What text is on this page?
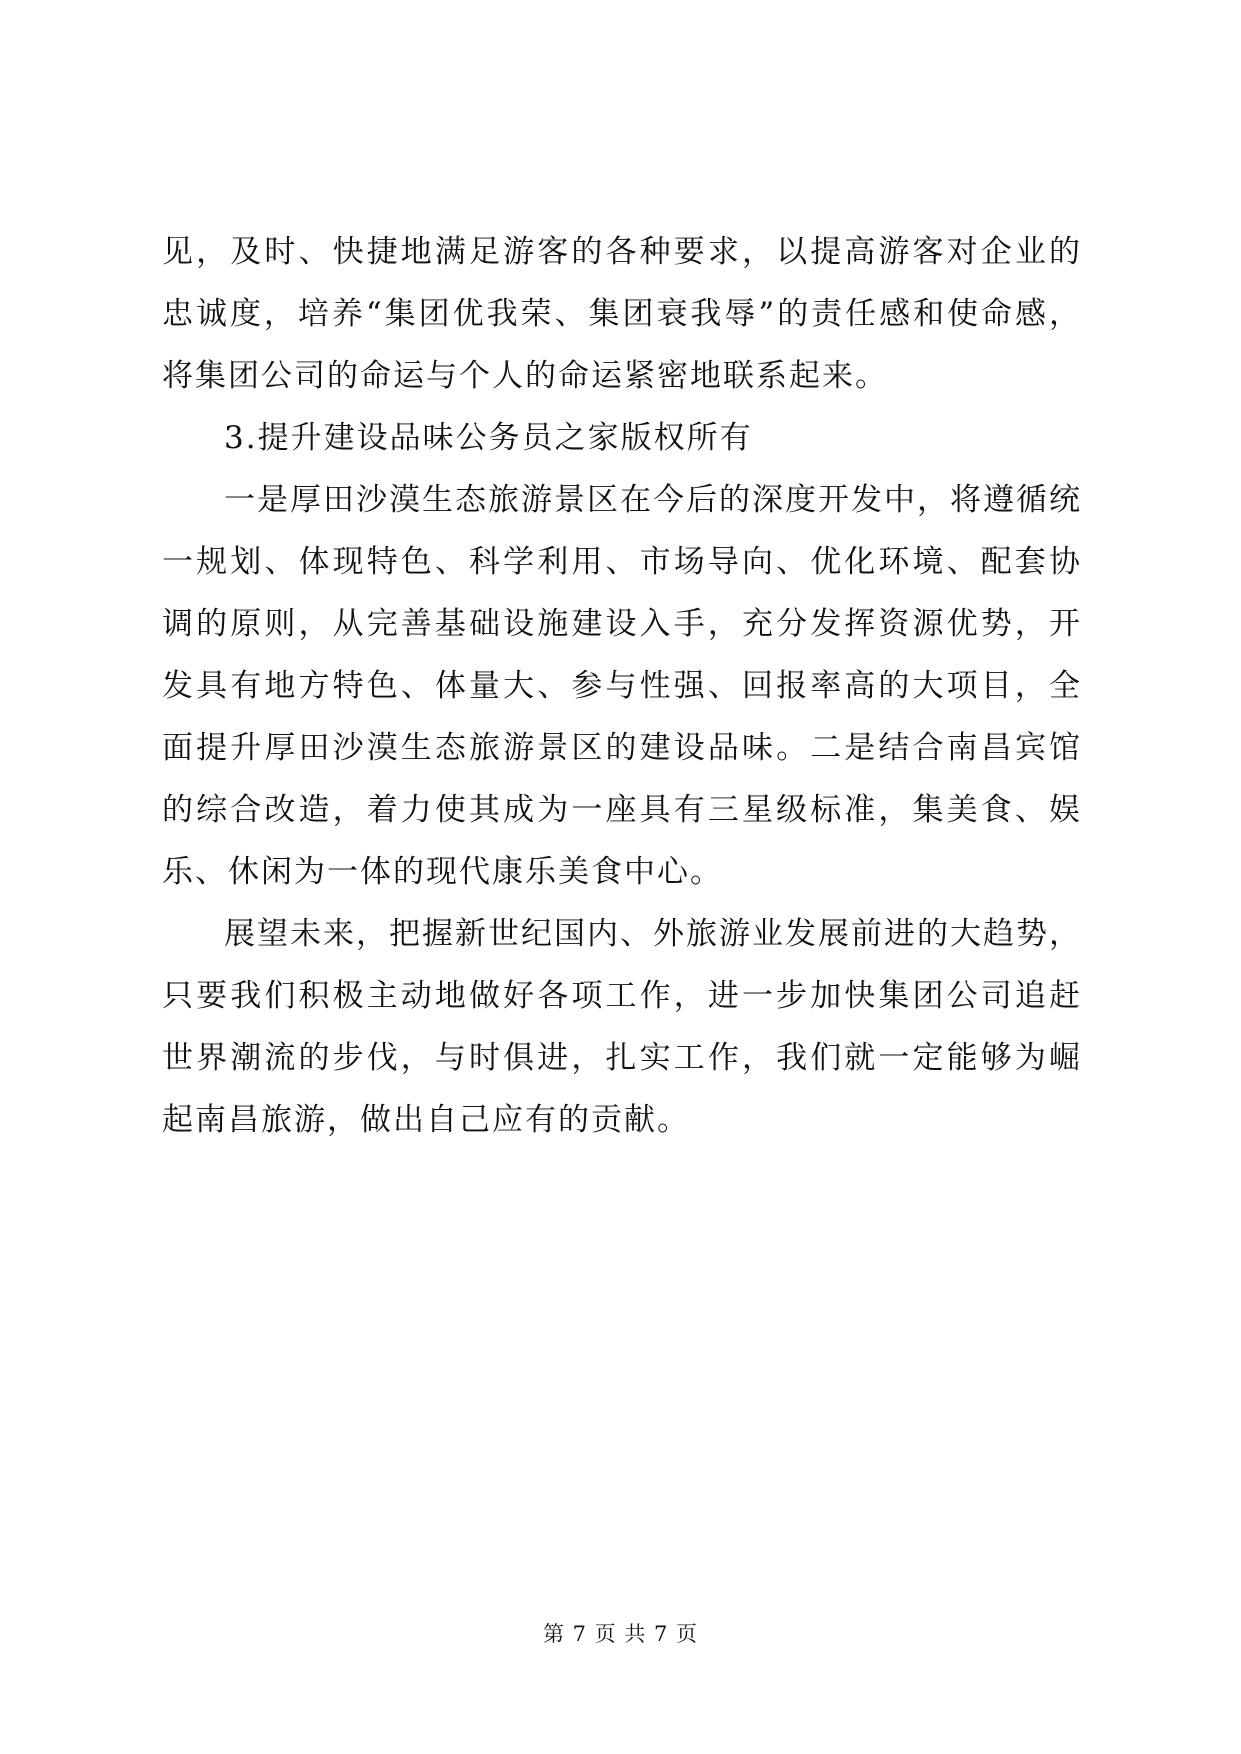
见，及时、快捷地满足游客的各种要求，以提高游客对企业的忠诚度，培养“集团优我荣、集团衰我辱”的责任感和使命感，将集团公司的命运与个人的命运紧密地联系起来。

3.提升建设品味公务员之家版权所有

一是厚田沙漠生态旅游景区在今后的深度开发中，将遵循统一规划、体现特色、科学利用、市场导向、优化环境、配套协调的原则，从完善基础设施建设入手，充分发挥资源优势，开发具有地方特色、体量大、参与性强、回报率高的大项目，全面提升厚田沙漠生态旅游景区的建设品味。二是结合南昌宾馆的综合改造，着力使其成为一座具有三星级标准，集美食、娱乐、休闲为一体的现代康乐美食中心。

展望未来，把握新世纪国内、外旅游业发展前进的大趋势，只要我们积极主动地做好各项工作，进一步加快集团公司追赶世界潮流的步伐，与时俱进，扎实工作，我们就一定能够为崛起南昌旅游，做出自己应有的贡献。

第 7 页 共 7 页
